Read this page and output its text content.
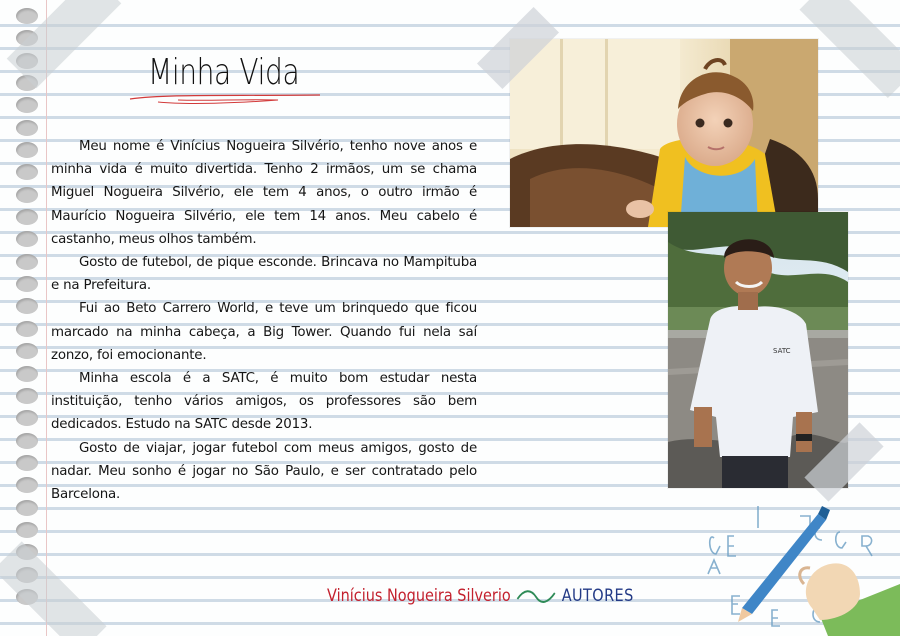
Minha Vida

Meu nome é Vinícius Nogueira Silvério, tenho nove anos e minha vida é muito divertida. Tenho 2 irmãos, um se chama Miguel Nogueira Silvério, ele tem 4 anos, o outro irmão é Maurício Nogueira Silvério, ele tem 14 anos. Meu cabelo é castanho, meus olhos também.

Gosto de futebol, de pique esconde. Brincava no Mampituba e na Prefeitura.

Fui ao Beto Carrero World, e teve um brinquedo que ficou marcado na minha cabeça, a Big Tower. Quando fui nela saí zonzo, foi emocionante.

Minha escola é a SATC, é muito bom estudar nesta instituição, tenho vários amigos, os professores são bem dedicados. Estudo na SATC desde 2013.

Gosto de viajar, jogar futebol com meus amigos, gosto de nadar. Meu sonho é jogar no São Paulo, e ser contratado pelo Barcelona.

SATC
Vinícius Nogueira Silverio	AUTORES
